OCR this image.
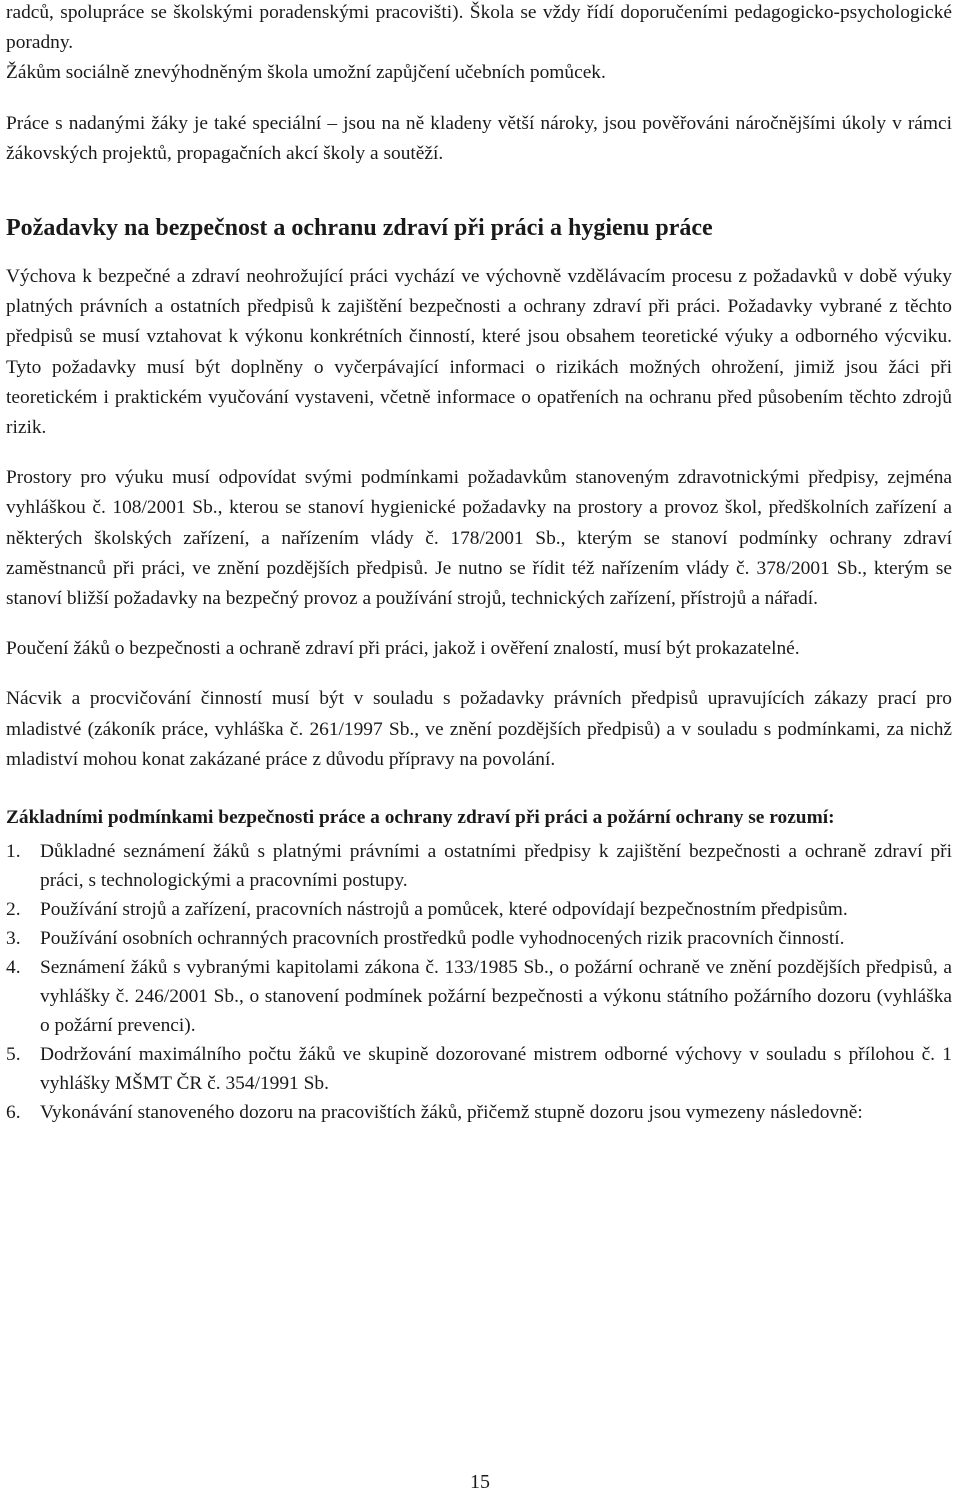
radců, spolupráce se školskými poradenskými pracovišti). Škola se vždy řídí doporučeními pedagogicko-psychologické poradny.

Žákům sociálně znevýhodněným škola umožní zapůjčení učebních pomůcek.

Práce s nadanými žáky je také speciální – jsou na ně kladeny větší nároky, jsou pověřováni náročnějšími úkoly v rámci žákovských projektů, propagačních akcí školy a soutěží.

Požadavky na bezpečnost a ochranu zdraví při práci a hygienu práce

Výchova k bezpečné a zdraví neohrožující práci vychází ve výchovně vzdělávacím procesu z požadavků v době výuky platných právních a ostatních předpisů k zajištění bezpečnosti a ochrany zdraví při práci. Požadavky vybrané z těchto předpisů se musí vztahovat k výkonu konkrétních činností, které jsou obsahem teoretické výuky a odborného výcviku. Tyto požadavky musí být doplněny o vyčerpávající informaci o rizikách možných ohrožení, jimiž jsou žáci při teoretickém i praktickém vyučování vystaveni, včetně informace o opatřeních na ochranu před působením těchto zdrojů rizik.

Prostory pro výuku musí odpovídat svými podmínkami požadavkům stanoveným zdravotnickými předpisy, zejména vyhláškou č. 108/2001 Sb., kterou se stanoví hygienické požadavky na prostory a provoz škol, předškolních zařízení a některých školských zařízení, a nařízením vlády č. 178/2001 Sb., kterým se stanoví podmínky ochrany zdraví zaměstnanců při práci, ve znění pozdějších předpisů. Je nutno se řídit též nařízením vlády č. 378/2001 Sb., kterým se stanoví bližší požadavky na bezpečný provoz a používání strojů, technických zařízení, přístrojů a nářadí.

Poučení žáků o bezpečnosti a ochraně zdraví při práci, jakož i ověření znalostí, musí být prokazatelné.

Nácvik a procvičování činností musí být v souladu s požadavky právních předpisů upravujících zákazy prací pro mladistvé (zákoník práce, vyhláška č. 261/1997 Sb., ve znění pozdějších předpisů) a v souladu s podmínkami, za nichž mladiství mohou konat zakázané práce z důvodu přípravy na povolání.

Základními podmínkami bezpečnosti práce a ochrany zdraví při práci a požární ochrany se rozumí:

1. Důkladné seznámení žáků s platnými právními a ostatními předpisy k zajištění bezpečnosti a ochraně zdraví při práci, s technologickými a pracovními postupy.
2. Používání strojů a zařízení, pracovních nástrojů a pomůcek, které odpovídají bezpečnostním předpisům.
3. Používání osobních ochranných pracovních prostředků podle vyhodnocených rizik pracovních činností.
4. Seznámení žáků s vybranými kapitolami zákona č. 133/1985 Sb., o požární ochraně ve znění pozdějších předpisů, a vyhlášky č. 246/2001 Sb., o stanovení podmínek požární bezpečnosti a výkonu státního požárního dozoru (vyhláška o požární prevenci).
5. Dodržování maximálního počtu žáků ve skupině dozorované mistrem odborné výchovy v souladu s přílohou č. 1 vyhlášky MŠMT ČR č. 354/1991 Sb.
6. Vykonávání stanoveného dozoru na pracovištích žáků, přičemž stupně dozoru jsou vymezeny následovně:
15
